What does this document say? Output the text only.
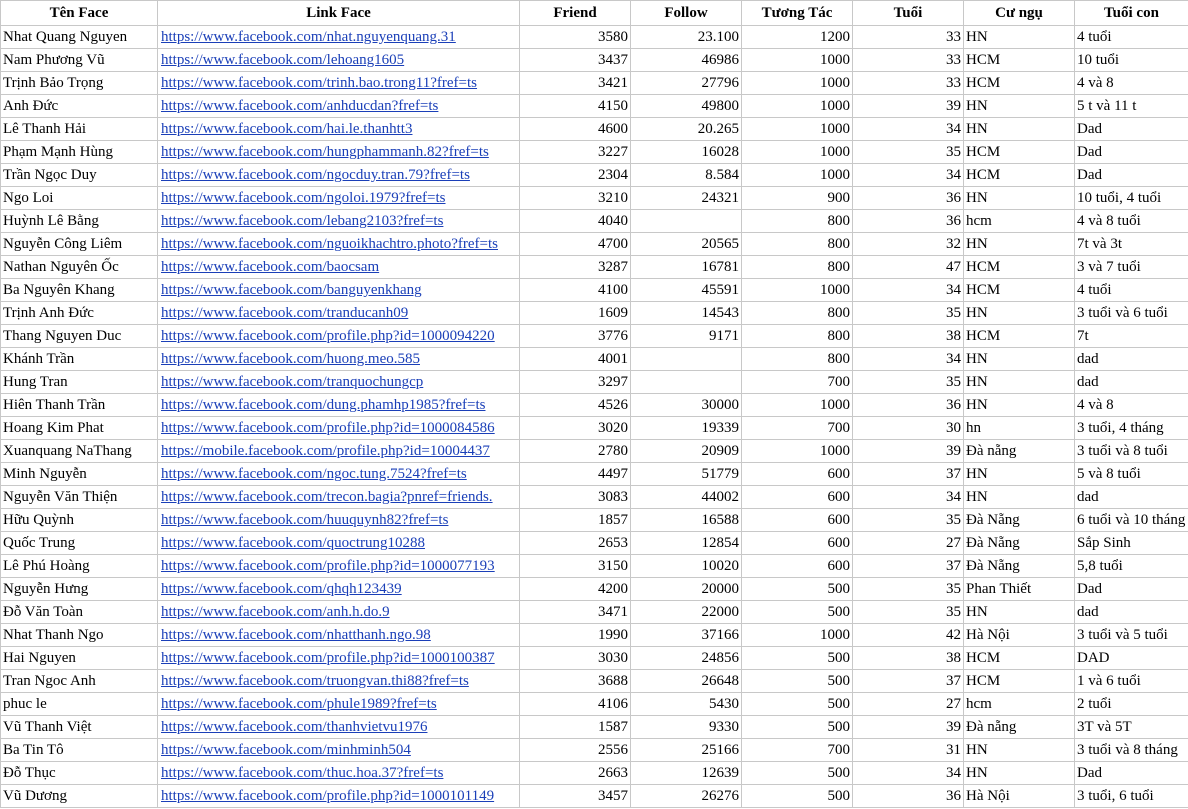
Tên Face	Link Face	Friend	Follow	Tương Tác	Tuổi	Cư ngụ	Tuổi con
Nhat Quang Nguyen	https://www.facebook.com/nhat.nguyenquang.31	3580	23.100	1200	33	HN	4 tuổi
Nam Phương Vũ	https://www.facebook.com/lehoang1605	3437	46986	1000	33	HCM	10 tuổi
Trịnh Bảo Trọng	https://www.facebook.com/trinh.bao.trong11?fref=ts	3421	27796	1000	33	HCM	4 và 8
Anh Đức	https://www.facebook.com/anhducdan?fref=ts	4150	49800	1000	39	HN	5 t và 11 t
Lê Thanh Hải	https://www.facebook.com/hai.le.thanhtt3	4600	20.265	1000	34	HN	Dad
Phạm Mạnh Hùng	https://www.facebook.com/hungphammanh.82?fref=ts	3227	16028	1000	35	HCM	Dad
Trần Ngọc Duy	https://www.facebook.com/ngocduy.tran.79?fref=ts	2304	8.584	1000	34	HCM	Dad
Ngo Loi	https://www.facebook.com/ngoloi.1979?fref=ts	3210	24321	900	36	HN	10 tuổi, 4 tuổi
Huỳnh Lê Bằng	https://www.facebook.com/lebang2103?fref=ts	4040		800	36	hcm	4 và 8 tuổi
Nguyễn Công Liêm	https://www.facebook.com/nguoikhachtro.photo?fref=ts	4700	20565	800	32	HN	7t và 3t
Nathan Nguyên Ốc	https://www.facebook.com/baocsam	3287	16781	800	47	HCM	3 và 7 tuổi
Ba Nguyên Khang	https://www.facebook.com/banguyenkhang	4100	45591	1000	34	HCM	4 tuổi
Trịnh Anh Đức	https://www.facebook.com/tranducanh09	1609	14543	800	35	HN	3 tuổi và 6 tuổi
Thang Nguyen Duc	https://www.facebook.com/profile.php?id=1000094220	3776	9171	800	38	HCM	7t
Khánh Trần	https://www.facebook.com/huong.meo.585	4001		800	34	HN	dad
Hung Tran	https://www.facebook.com/tranquochungcp	3297		700	35	HN	dad
Hiên Thanh Trần	https://www.facebook.com/dung.phamhp1985?fref=ts	4526	30000	1000	36	HN	4 và 8
Hoang Kim Phat	https://www.facebook.com/profile.php?id=1000084586	3020	19339	700	30	hn	3 tuổi, 4 tháng
Xuanquang NaThang	https://mobile.facebook.com/profile.php?id=10004437	2780	20909	1000	39	Đà nẵng	3 tuổi và 8 tuổi
Minh Nguyễn	https://www.facebook.com/ngoc.tung.7524?fref=ts	4497	51779	600	37	HN	5 và 8 tuổi
Nguyễn Văn Thiện	https://www.facebook.com/trecon.bagia?pnref=friends.	3083	44002	600	34	HN	dad
Hữu Quỳnh	https://www.facebook.com/huuquynh82?fref=ts	1857	16588	600	35	Đà Nẵng	6 tuổi và 10 tháng
Quốc Trung	https://www.facebook.com/quoctrung10288	2653	12854	600	27	Đà Nẵng	Sắp Sinh
Lê Phú Hoàng	https://www.facebook.com/profile.php?id=1000077193	3150	10020	600	37	Đà Nẵng	5,8 tuổi
Nguyễn Hưng	https://www.facebook.com/qhqh123439	4200	20000	500	35	Phan Thiết	Dad
Đỗ Văn Toàn	https://www.facebook.com/anh.h.do.9	3471	22000	500	35	HN	dad
Nhat Thanh Ngo	https://www.facebook.com/nhatthanh.ngo.98	1990	37166	1000	42	Hà Nội	3 tuổi và 5 tuổi
Hai Nguyen	https://www.facebook.com/profile.php?id=1000100387	3030	24856	500	38	HCM	DAD
Tran Ngoc Anh	https://www.facebook.com/truongvan.thi88?fref=ts	3688	26648	500	37	HCM	1 và 6 tuổi
phuc le	https://www.facebook.com/phule1989?fref=ts	4106	5430	500	27	hcm	2 tuổi
Vũ Thanh Việt	https://www.facebook.com/thanhvietvu1976	1587	9330	500	39	Đà nẵng	3T và 5T
Ba Tin Tô	https://www.facebook.com/minhminh504	2556	25166	700	31	HN	3 tuổi và 8 tháng
Đỗ Thục	https://www.facebook.com/thuc.hoa.37?fref=ts	2663	12639	500	34	HN	Dad
Vũ Dương	https://www.facebook.com/profile.php?id=1000101149	3457	26276	500	36	Hà Nội	3 tuổi, 6 tuổi
